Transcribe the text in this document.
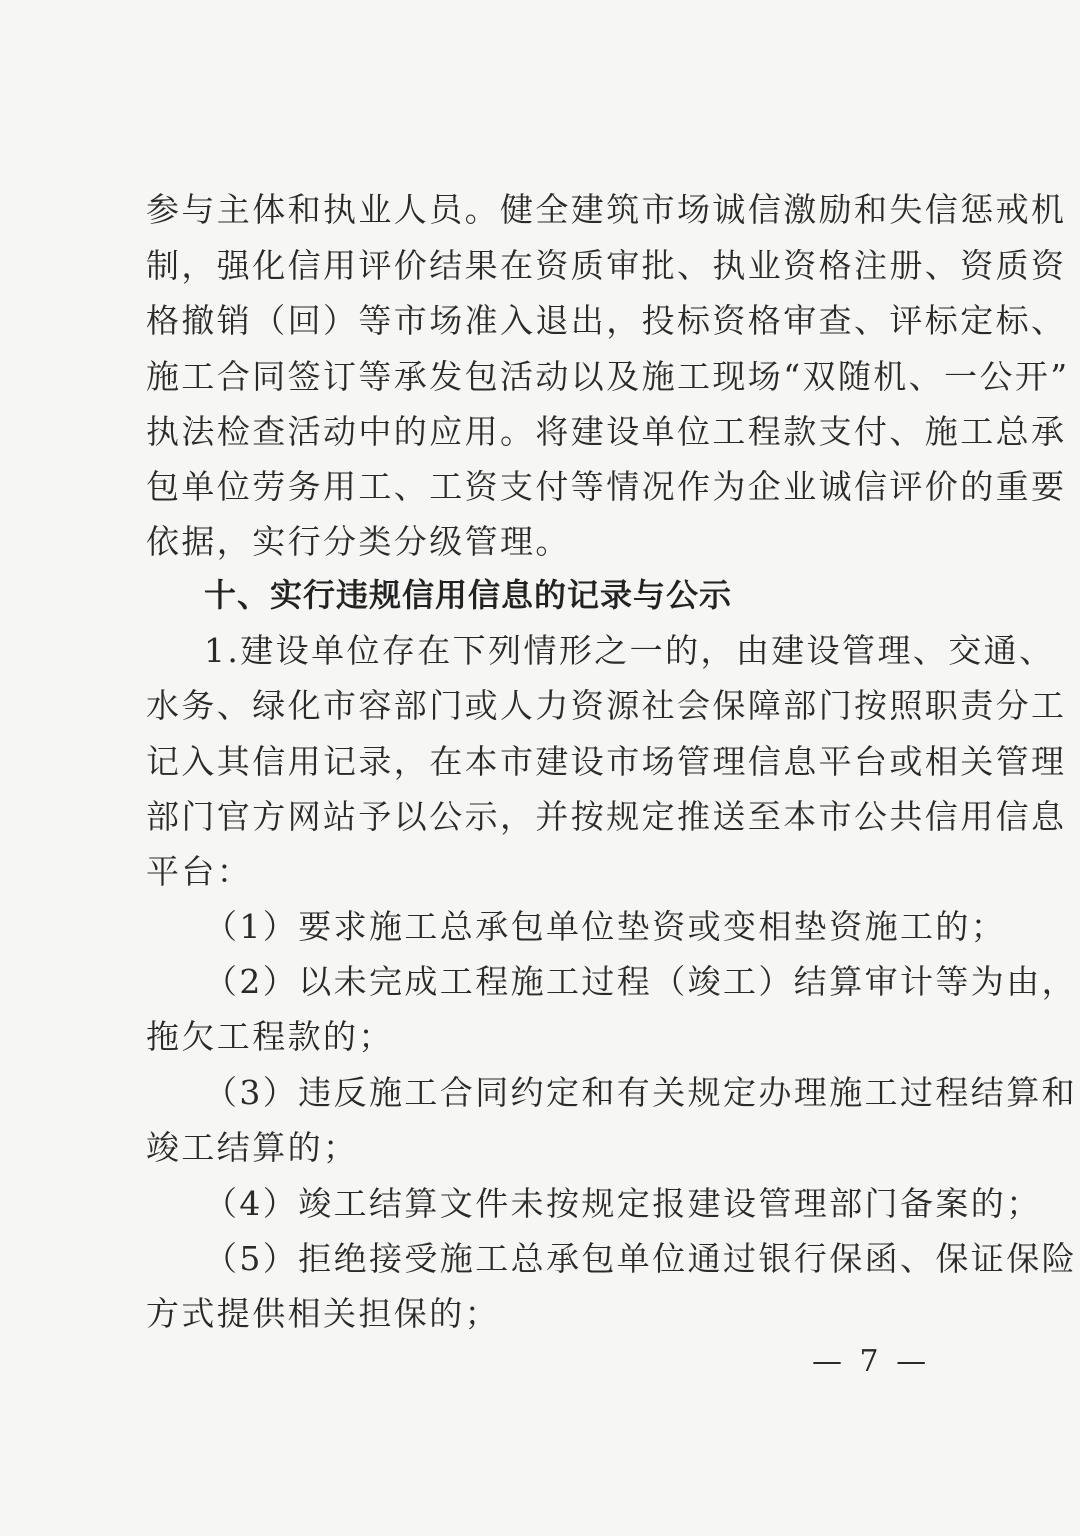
参与主体和执业人员。健全建筑市场诚信激励和失信惩戒机
制，强化信用评价结果在资质审批、执业资格注册、资质资
格撤销（回）等市场准入退出，投标资格审查、评标定标、
施工合同签订等承发包活动以及施工现场“双随机、一公开”
执法检查活动中的应用。将建设单位工程款支付、施工总承
包单位劳务用工、工资支付等情况作为企业诚信评价的重要
依据，实行分类分级管理。
十、实行违规信用信息的记录与公示
1.建设单位存在下列情形之一的，由建设管理、交通、
水务、绿化市容部门或人力资源社会保障部门按照职责分工
记入其信用记录，在本市建设市场管理信息平台或相关管理
部门官方网站予以公示，并按规定推送至本市公共信用信息
平台：
（1）要求施工总承包单位垫资或变相垫资施工的；
（2）以未完成工程施工过程（竣工）结算审计等为由，
拖欠工程款的；
（3）违反施工合同约定和有关规定办理施工过程结算和
竣工结算的；
（4）竣工结算文件未按规定报建设管理部门备案的；
（5）拒绝接受施工总承包单位通过银行保函、保证保险
方式提供相关担保的；
— 7 —
